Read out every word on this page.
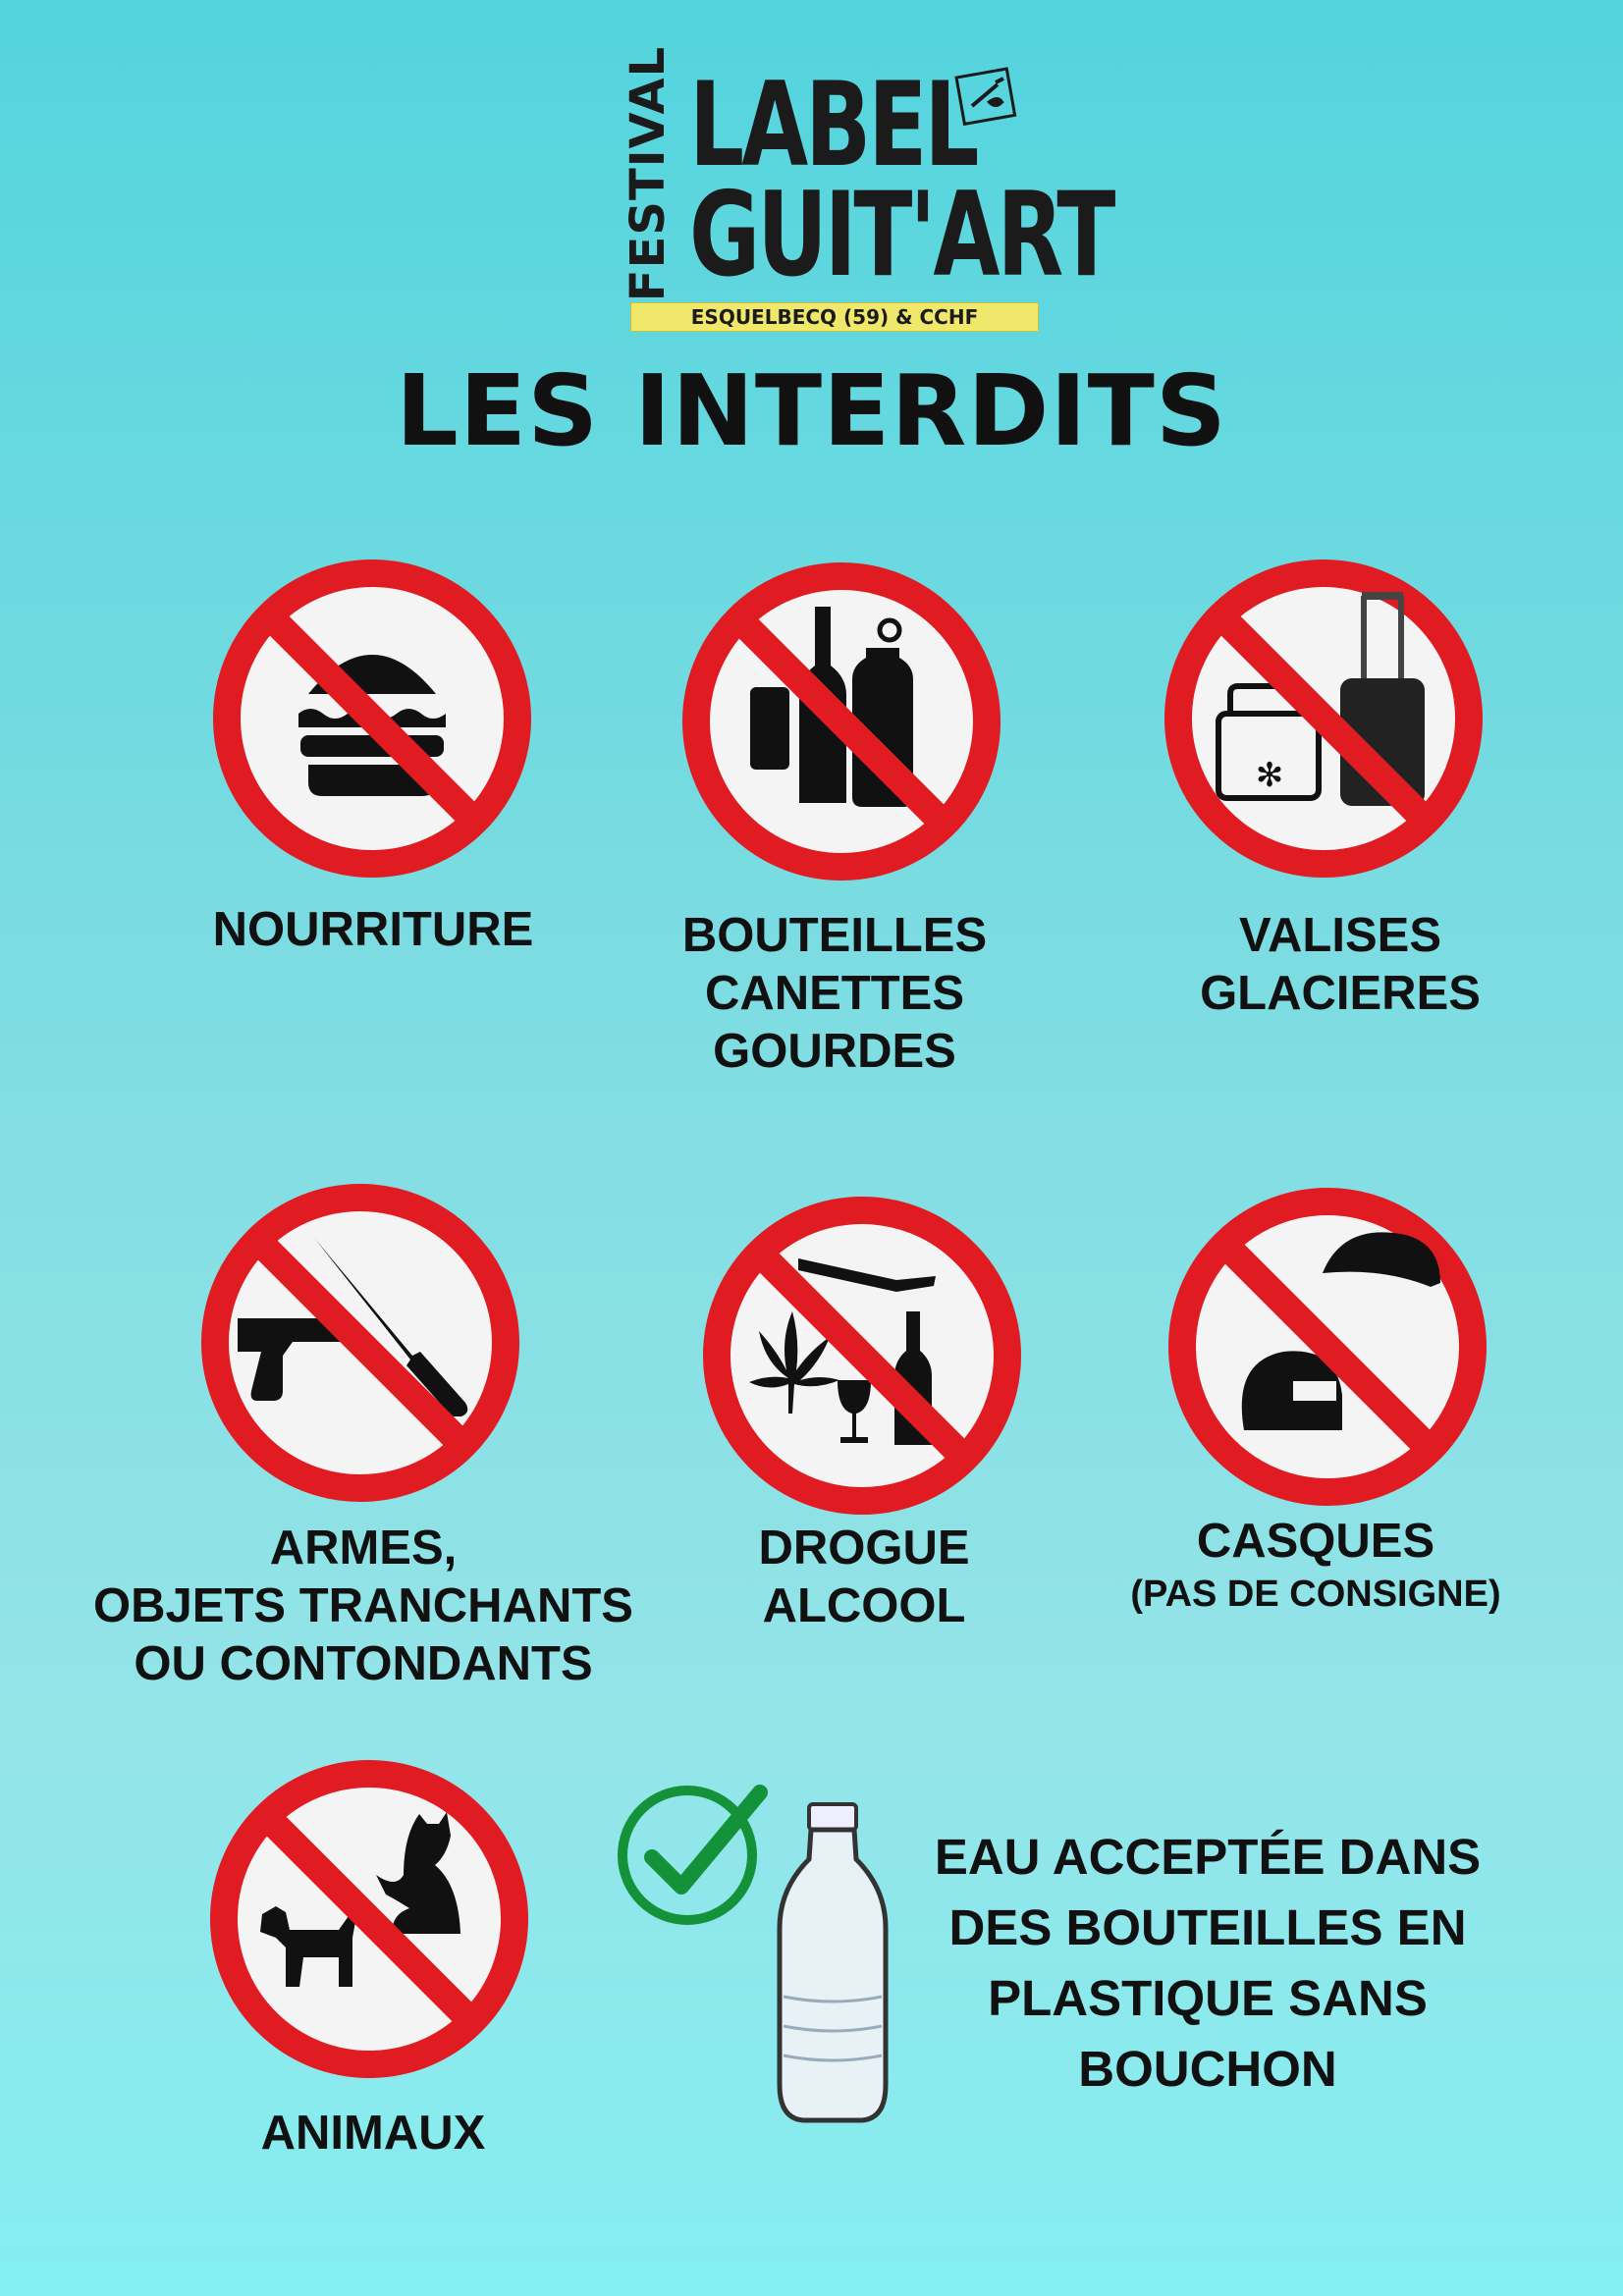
FESTIVAL LABEL
GUIT'ART
ESQUELBECQ (59) & CCHF
LES INTERDITS
✻
NOURRITURE	BOUTEILLES
CANETTES
GOURDES
VALISES
GLACIERES
ARMES,
OBJETS TRANCHANTS
OU CONTONDANTS
DROGUE
ALCOOL
CASQUES
(PAS DE CONSIGNE)
ANIMAUX
EAU ACCEPTÉE DANS
DES BOUTEILLES EN
PLASTIQUE SANS
BOUCHON
